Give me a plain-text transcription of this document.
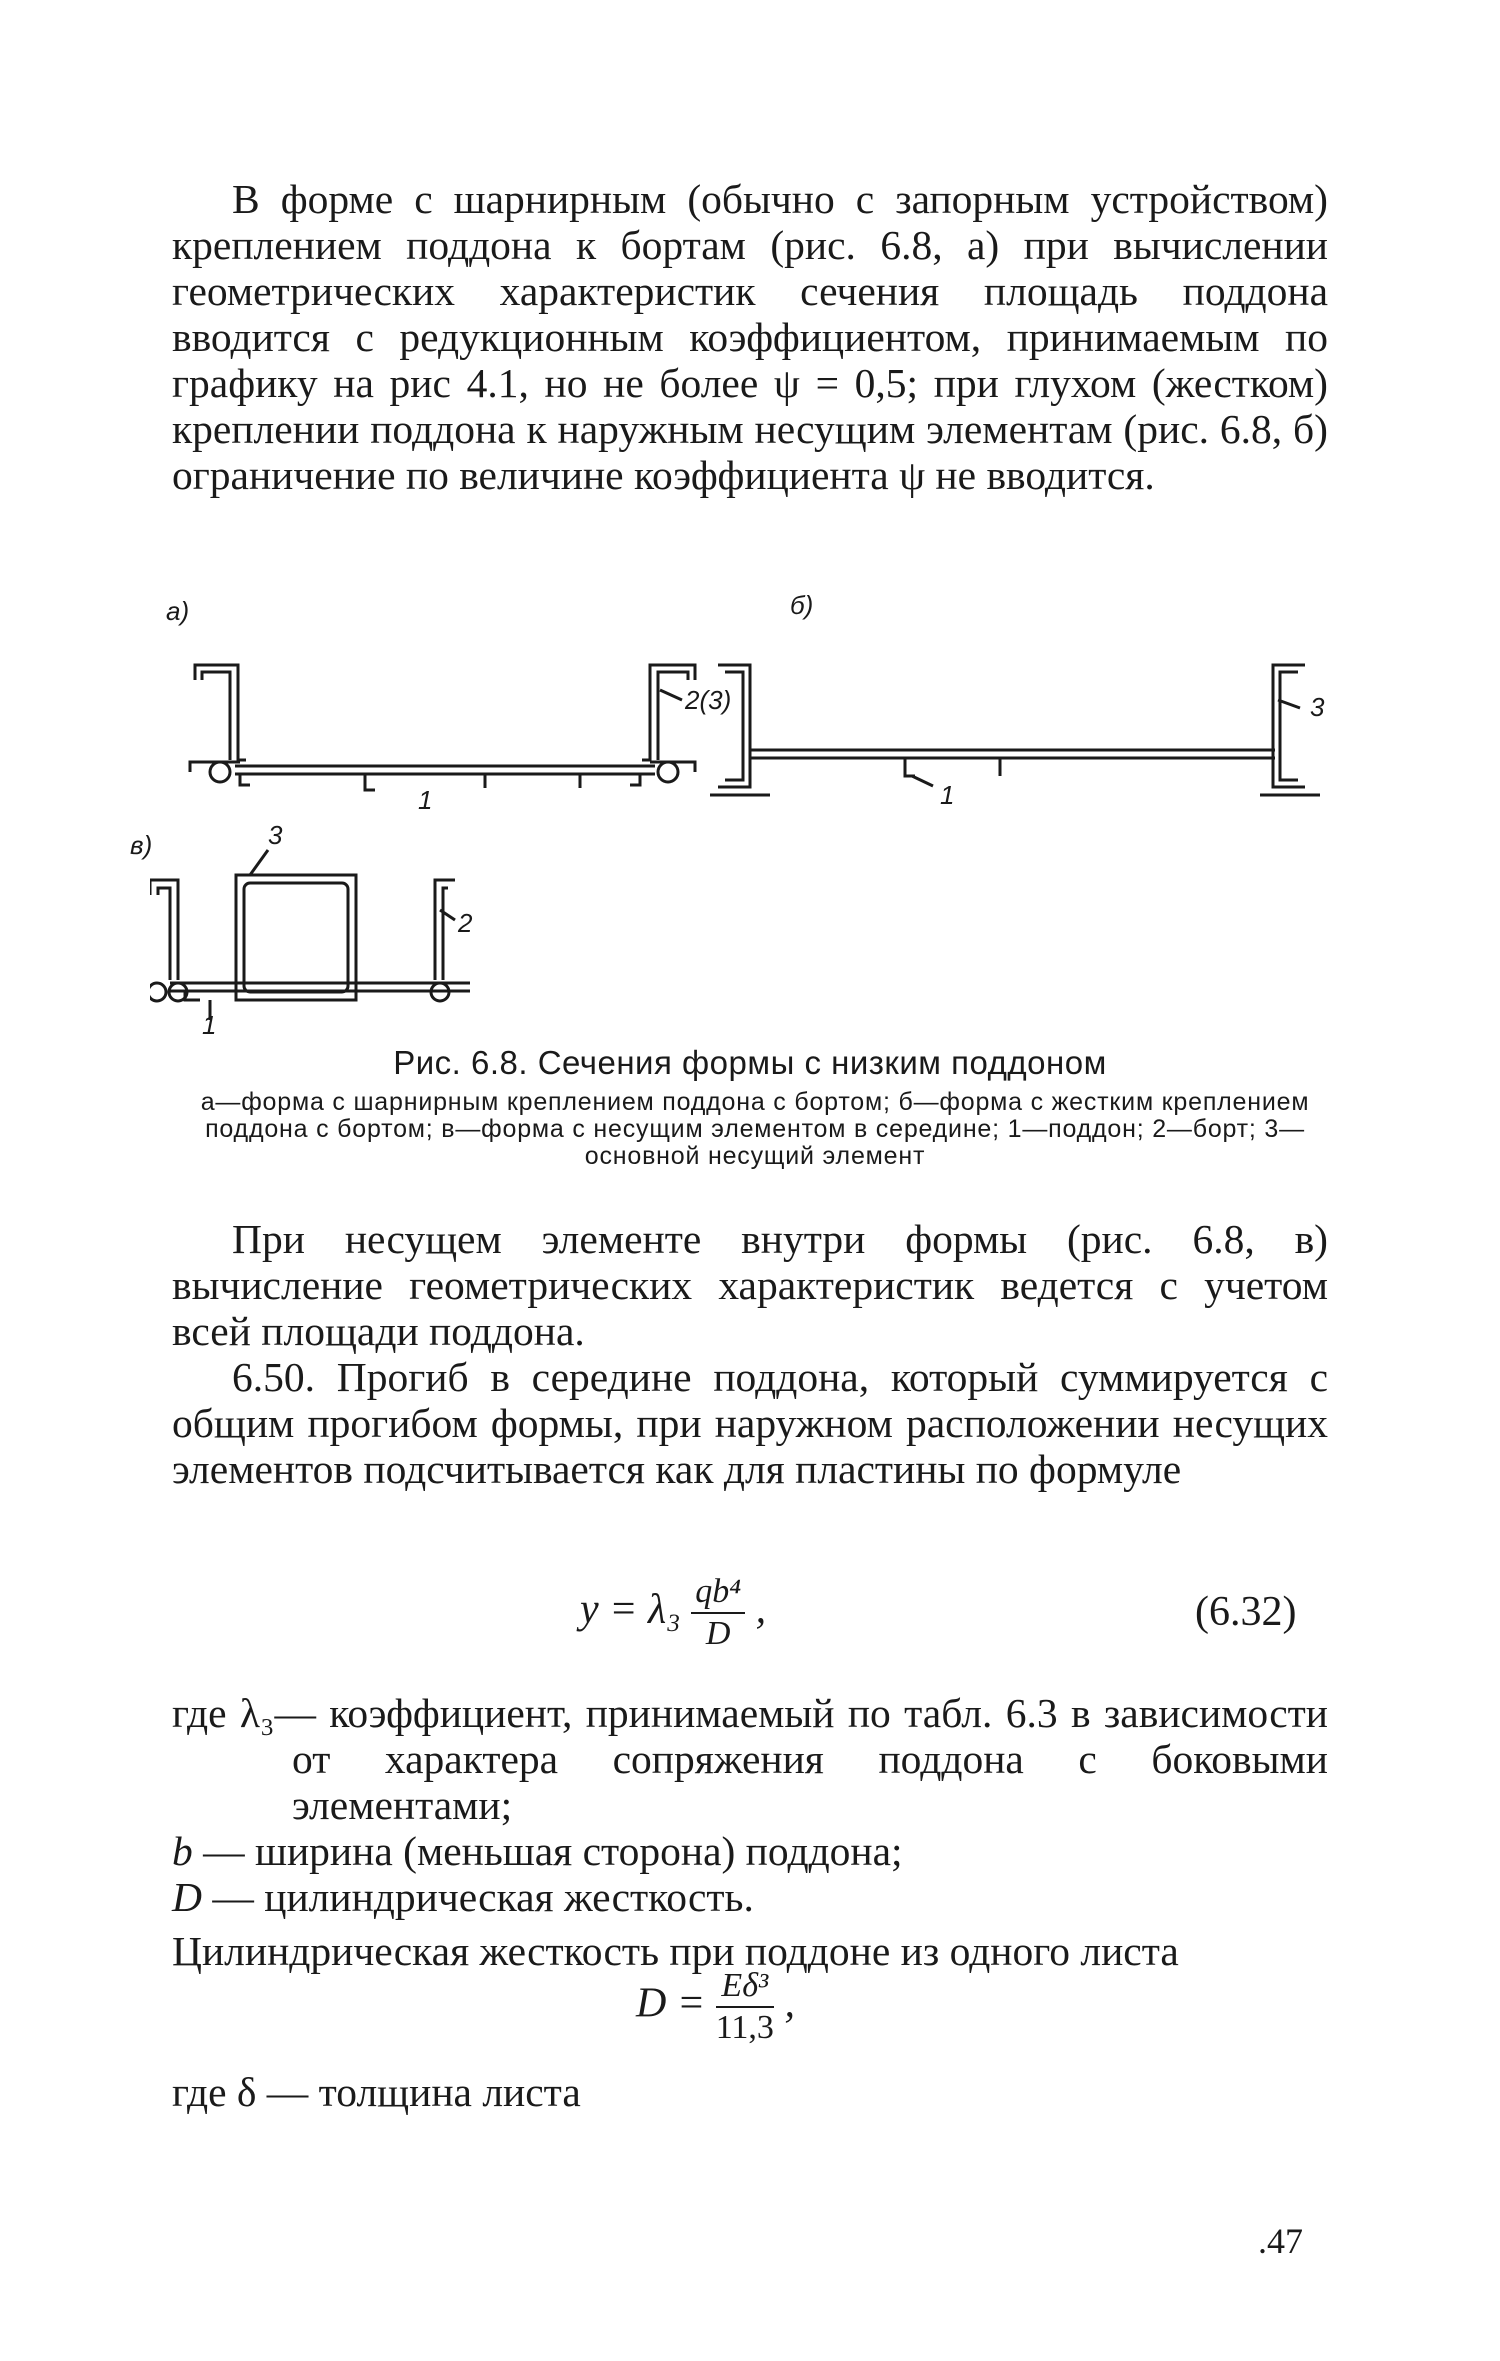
В форме с шарнирным (обычно с запорным устройством) креплением поддона к бортам (рис. 6.8, а) при вычислении геометрических характеристик сечения площадь поддона вводится с редукционным коэффициентом, принимаемым по графику на рис 4.1, но не более ψ = 0,5; при глухом (жестком) креплении поддона к наружным несущим элементам (рис. 6.8, б) ограничение по величине коэффициента ψ не вводится.

а)	б)
в)
1
2(3)
1
3
1
2
3
Рис. 6.8. Сечения формы с низким поддоном
а—форма с шарнирным креплением поддона с бортом; б—форма с жестким креплением поддона с бортом; в—форма с несущим элементом в середине; 1—поддон; 2—борт; 3—основной несущий элемент

При несущем элементе внутри формы (рис. 6.8, в) вычисление геометрических характеристик ведется с учетом всей площади поддона.

6.50. Прогиб в середине поддона, который суммируется с общим прогибом формы, при наружном расположении несущих элементов подсчитывается как для пластины по формуле

$y = \lambda_3 \frac{\text{qb⁴}}{D}$ ,	(6.32)
где λ₃— коэффициент, принимаемый по табл. 6.3 в зависимости от характера сопряжения поддона с боковыми элементами;
b — ширина (меньшая сторона) поддона;
D — цилиндрическая жесткость.
Цилиндрическая жесткость при поддоне из одного листа
$D = \frac{\text{Eδ³}}{11,3}$ ,
где δ — толщина листа
.47
